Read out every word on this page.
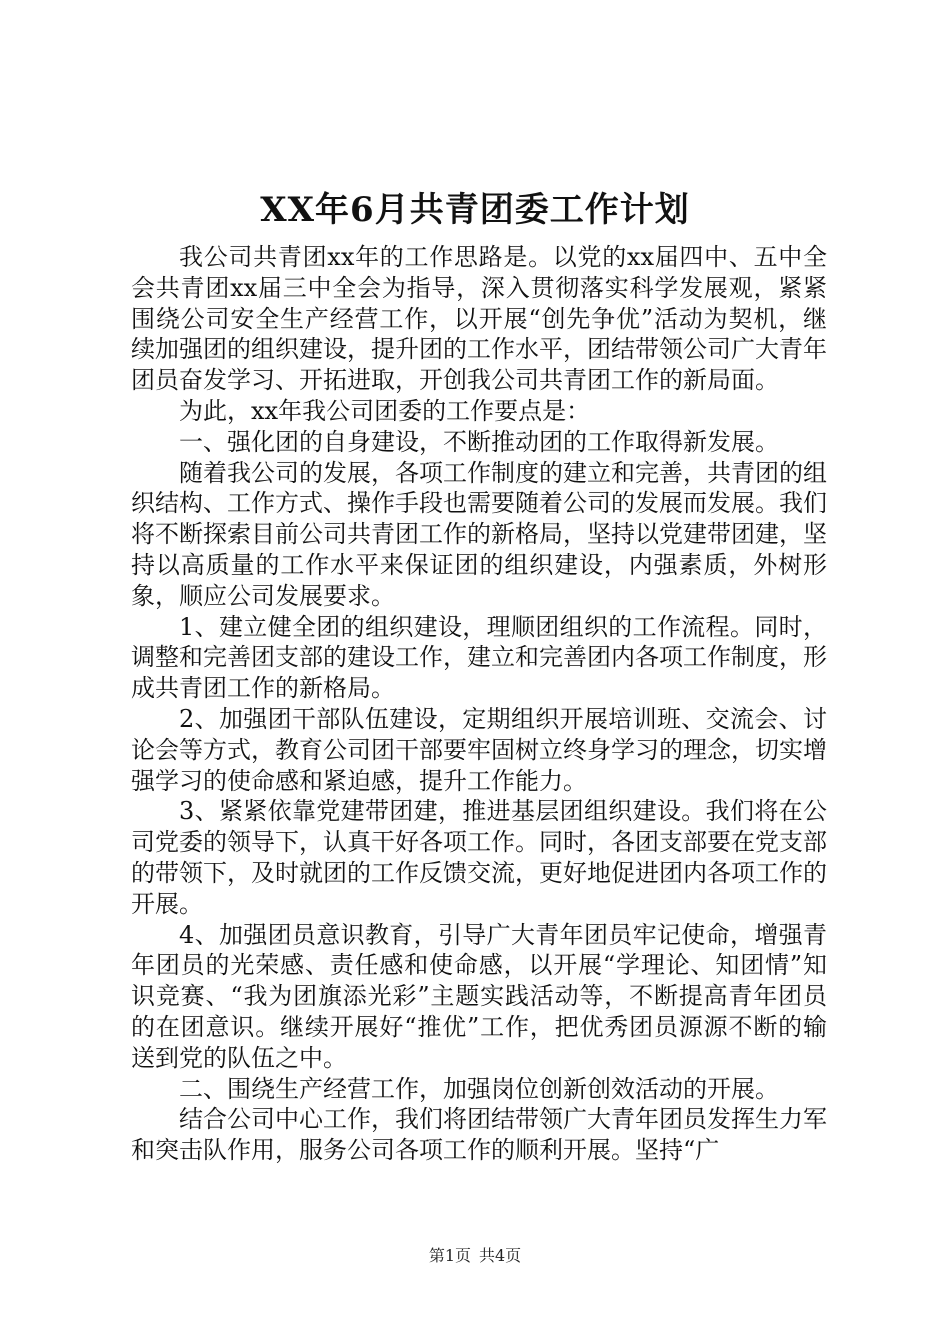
XX年6月共青团委工作计划

我公司共青团xx年的工作思路是。以党的xx届四中、五中全会共青团xx届三中全会为指导，深入贯彻落实科学发展观，紧紧围绕公司安全生产经营工作，以开展“创先争优”活动为契机，继续加强团的组织建设，提升团的工作水平，团结带领公司广大青年团员奋发学习、开拓进取，开创我公司共青团工作的新局面。

为此，xx年我公司团委的工作要点是：

一、强化团的自身建设，不断推动团的工作取得新发展。

随着我公司的发展，各项工作制度的建立和完善，共青团的组织结构、工作方式、操作手段也需要随着公司的发展而发展。我们将不断探索目前公司共青团工作的新格局，坚持以党建带团建，坚持以高质量的工作水平来保证团的组织建设，内强素质，外树形象，顺应公司发展要求。

1、建立健全团的组织建设，理顺团组织的工作流程。同时，调整和完善团支部的建设工作，建立和完善团内各项工作制度，形成共青团工作的新格局。

2、加强团干部队伍建设，定期组织开展培训班、交流会、讨论会等方式，教育公司团干部要牢固树立终身学习的理念，切实增强学习的使命感和紧迫感，提升工作能力。

3、紧紧依靠党建带团建，推进基层团组织建设。我们将在公司党委的领导下，认真干好各项工作。同时，各团支部要在党支部的带领下，及时就团的工作反馈交流，更好地促进团内各项工作的开展。

4、加强团员意识教育，引导广大青年团员牢记使命，增强青年团员的光荣感、责任感和使命感，以开展“学理论、知团情”知识竞赛、“我为团旗添光彩”主题实践活动等，不断提高青年团员的在团意识。继续开展好“推优”工作，把优秀团员源源不断的输送到党的队伍之中。

二、围绕生产经营工作，加强岗位创新创效活动的开展。

结合公司中心工作，我们将团结带领广大青年团员发挥生力军和突击队作用，服务公司各项工作的顺利开展。坚持“广

第1页 共4页
